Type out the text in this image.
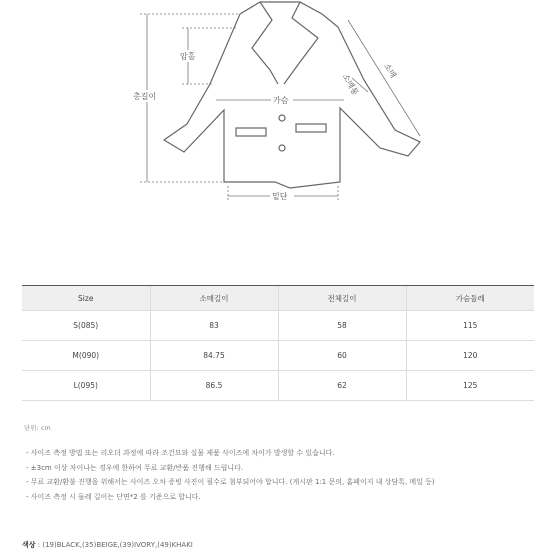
총길이
암홀
가슴
밑단
소매
소매통
Size	소매길이	전체길이	가슴둘레
S(085)	83	58	115
M(090)	84.75	60	120
L(095)	86.5	62	125
단위: cm
- 사이즈 측정 방법 또는 리오더 과정에 따라 조건묘와 실물 제품 사이즈에 차이가 발생할 수 있습니다.
- ±3cm 이상 차이나는 경우에 한하여 무료 교환/반품 진행해 드립니다.
- 무료 교환/환불 진행을 위해서는 사이즈 오차 증빙 사진이 필수로 첨부되어야 합니다. (게시판 1:1 문의, 홈페이지 내 상담톡, 메일 등)
- 사이즈 측정 시 둘레 길이는 단면*2 를 기준으로 합니다.
색상 : (19)BLACK,(35)BEIGE,(39)IVORY,(49)KHAKI
